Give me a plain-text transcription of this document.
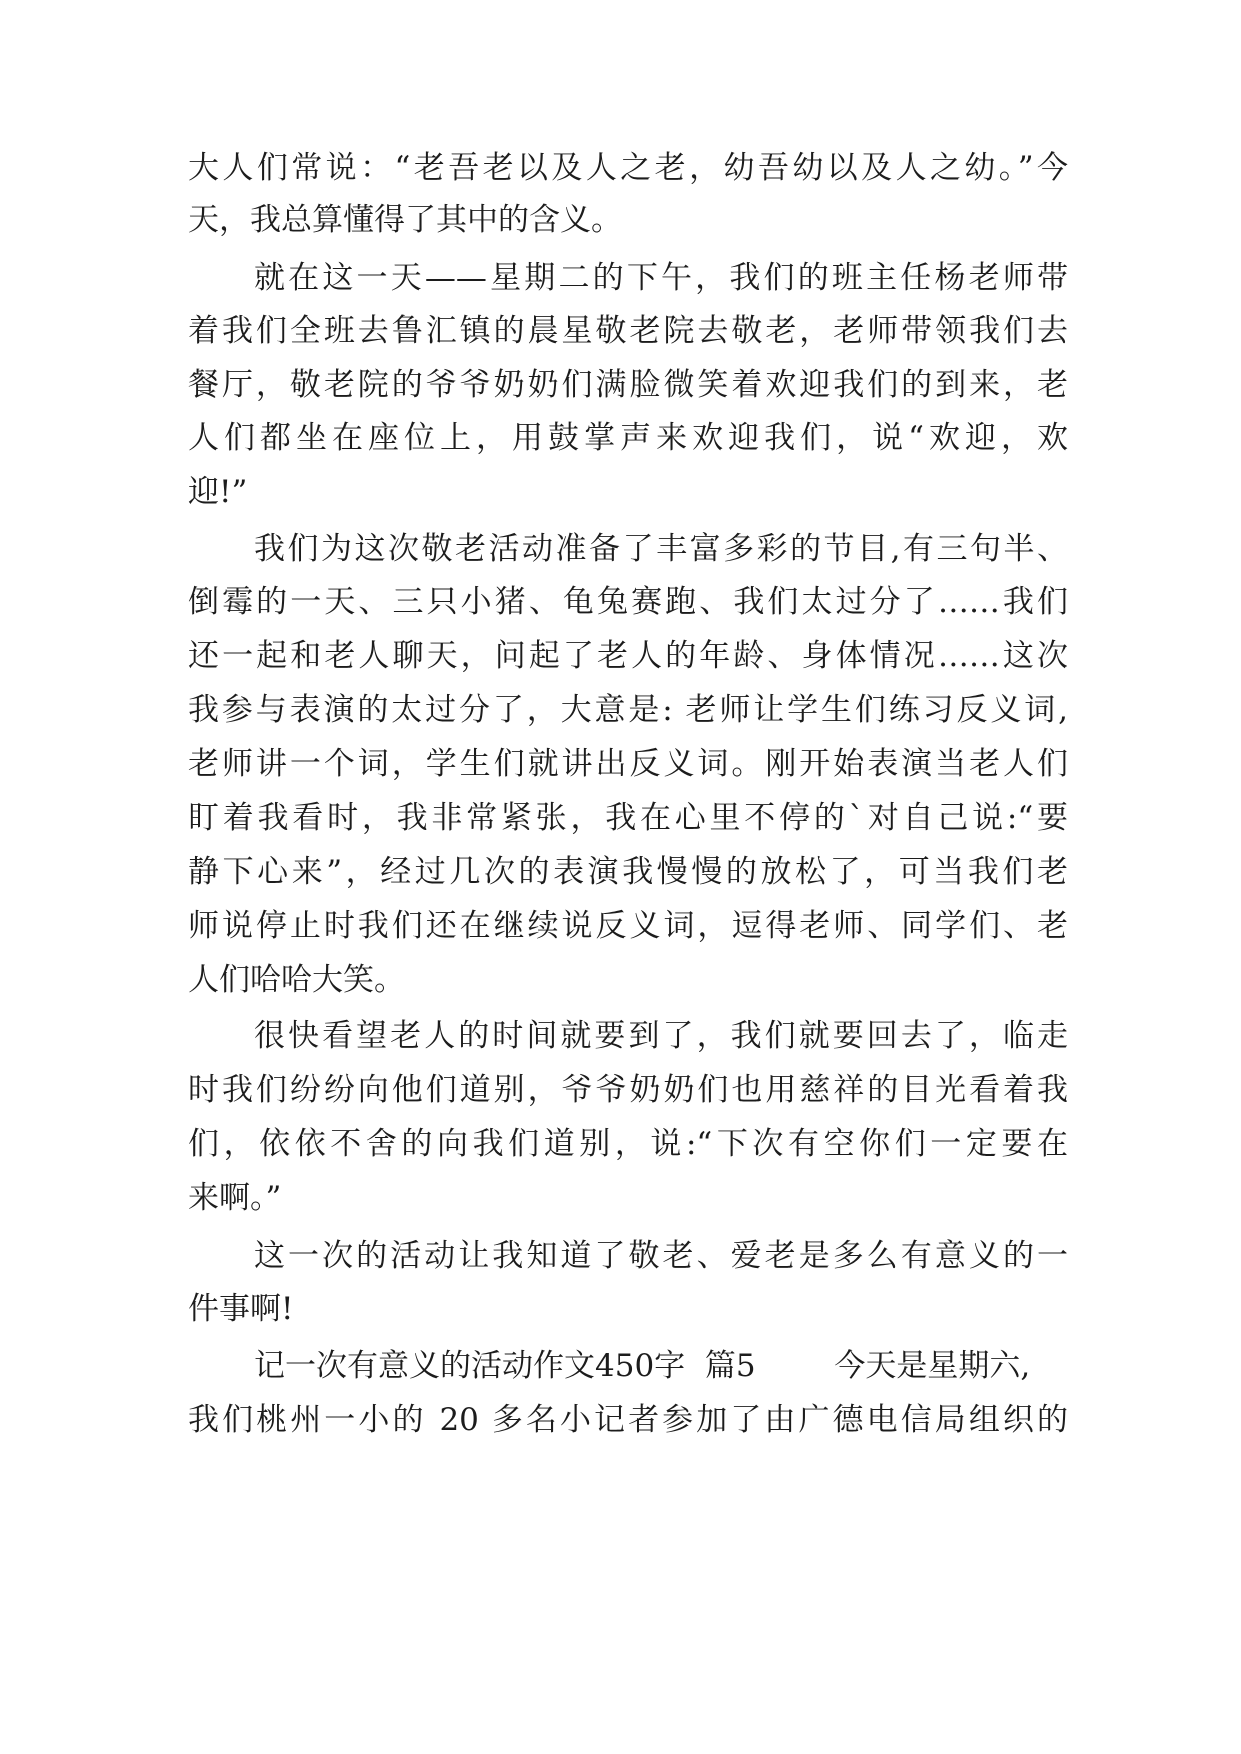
大人们常说：“老吾老以及人之老，幼吾幼以及人之幼。”今
天，我总算懂得了其中的含义。
就在这一天——星期二的下午，我们的班主任杨老师带
着我们全班去鲁汇镇的晨星敬老院去敬老，老师带领我们去
餐厅，敬老院的爷爷奶奶们满脸微笑着欢迎我们的到来，老
人们都坐在座位上，用鼓掌声来欢迎我们，说“欢迎，欢
迎!”
我们为这次敬老活动准备了丰富多彩的节目,有三句半、
倒霉的一天、三只小猪、龟兔赛跑、我们太过分了……我们
还一起和老人聊天，问起了老人的年龄、身体情况……这次
我参与表演的太过分了，大意是: 老师让学生们练习反义词,
老师讲一个词，学生们就讲出反义词。刚开始表演当老人们
盯着我看时，我非常紧张，我在心里不停的`对自己说:“要
静下心来”，经过几次的表演我慢慢的放松了，可当我们老
师说停止时我们还在继续说反义词，逗得老师、同学们、老
人们哈哈大笑。
很快看望老人的时间就要到了，我们就要回去了，临走
时我们纷纷向他们道别，爷爷奶奶们也用慈祥的目光看着我
们，依依不舍的向我们道别，说:“下次有空你们一定要在
来啊。”
这一次的活动让我知道了敬老、爱老是多么有意义的一
件事啊!
记一次有意义的活动作文450字  篇5        今天是星期六,
我们桃州一小的 20 多名小记者参加了由广德电信局组织的
